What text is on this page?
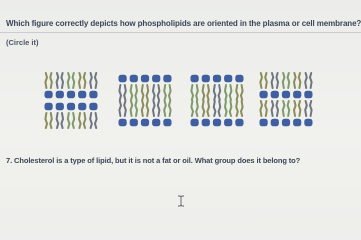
Which figure correctly depicts how phospholipids are oriented in the plasma or cell membrane?
(Circle it)
7. Cholesterol is a type of lipid, but it is not a fat or oil. What group does it belong to?
